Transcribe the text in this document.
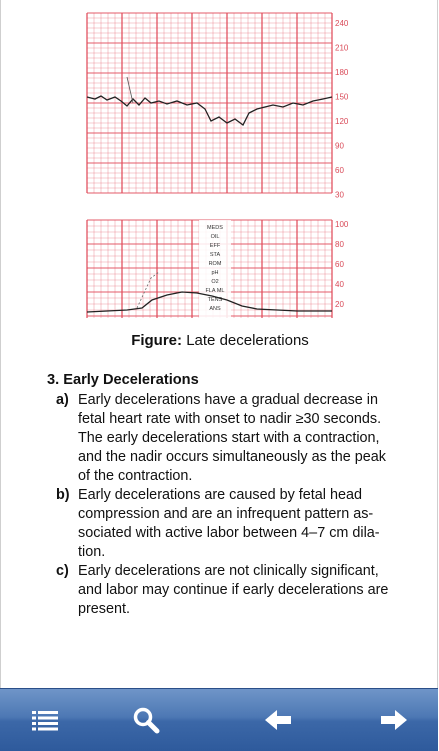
240
210
180
150
120
90
60
30
MEDS
OIL
EFF
STA
ROM
pH
O2
FLA ML
TENS
ANS
100
80
60
40
20
Figure: Late decelerations
3. Early Decelerations
a) Early decelerations have a gradual decrease in
fetal heart rate with onset to nadir ≥30 seconds.
The early decelerations start with a contraction,
and the nadir occurs simultaneously as the peak
of the contraction.
b) Early decelerations are caused by fetal head
compression and are an infrequent pattern as-
sociated with active labor between 4–7 cm dila-
tion.
c) Early decelerations are not clinically significant,
and labor may continue if early decelerations are
present.
